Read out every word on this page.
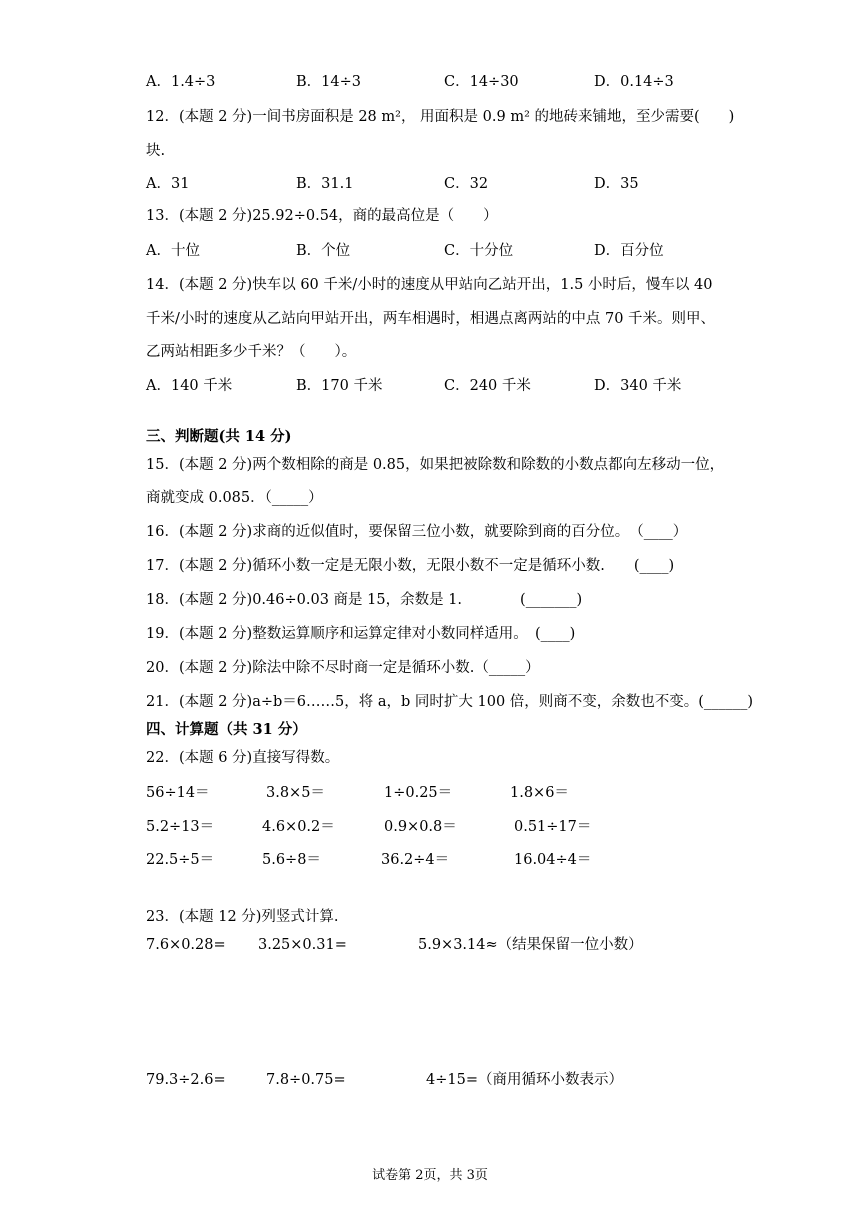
A．1.4÷3	B．14÷3	C．14÷30	D．0.14÷3
12．(本题 2 分)一间书房面积是 28 m²， 用面积是 0.9 m² 的地砖来铺地，至少需要(　　)
块.
A．31	B．31.1	C．32	D．35
13．(本题 2 分)25.92÷0.54，商的最高位是（　　）
A．十位	B．个位	C．十分位	D．百分位
14．(本题 2 分)快车以 60 千米/小时的速度从甲站向乙站开出，1.5 小时后，慢车以 40
千米/小时的速度从乙站向甲站开出，两车相遇时，相遇点离两站的中点 70 千米。则甲、
乙两站相距多少千米？（　　）。
A．140 千米	B．170 千米	C．240 千米	D．340 千米
三、判断题(共 14 分)
15．(本题 2 分)两个数相除的商是 0.85，如果把被除数和除数的小数点都向左移动一位，
商就变成 0.085．（_____）
16．(本题 2 分)求商的近似值时，要保留三位小数，就要除到商的百分位。　（____）
17．(本题 2 分)循环小数一定是无限小数，无限小数不一定是循环小数.　　(____)
18．(本题 2 分)0.46÷0.03 商是 15，余数是 1.　　　　(_______)
19．(本题 2 分)整数运算顺序和运算定律对小数同样适用。　(____)
20．(本题 2 分)除法中除不尽时商一定是循环小数.（_____）
21．(本题 2 分)a÷b＝6……5，将 a，b 同时扩大 100 倍，则商不变，余数也不变。(______)
四、计算题（共 31 分）
22．(本题 6 分)直接写得数。
56÷14＝	3.8×5＝	1÷0.25＝	1.8×6＝
5.2÷13＝	4.6×0.2＝	0.9×0.8＝	0.51÷17＝
22.5÷5＝	5.6÷8＝	36.2÷4＝	16.04÷4＝
23．(本题 12 分)列竖式计算.
7.6×0.28= 3.25×0.31=	5.9×3.14≈（结果保留一位小数）
79.3÷2.6=	7.8÷0.75=	4÷15=（商用循环小数表示）
试卷第 2页，共 3页
